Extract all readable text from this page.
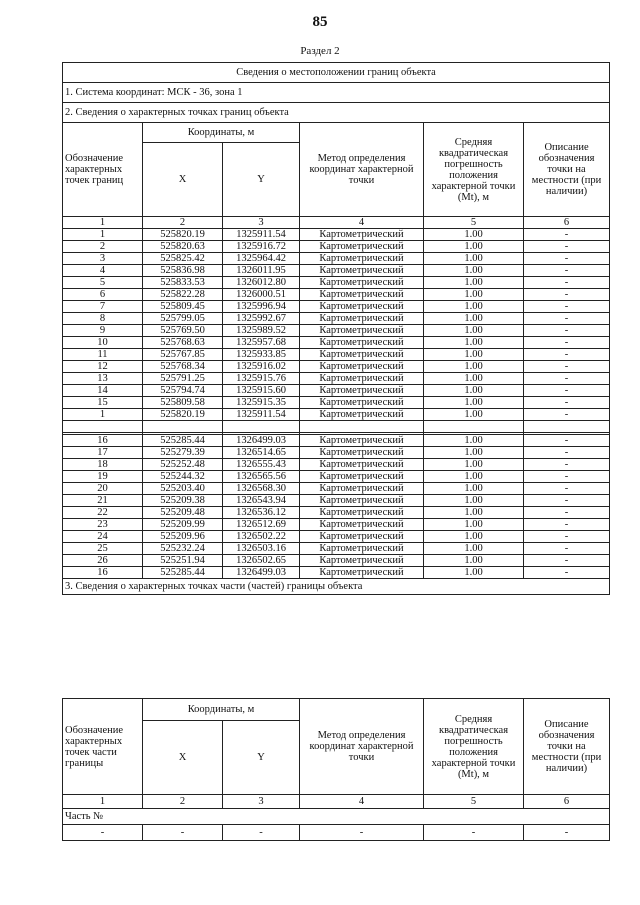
85
Раздел 2
Сведения о местоположении границ объекта					
1. Система координат: МСК - 36, зона 1					
2. Сведения о характерных точках границ объекта					
Обозначение характерных точек границ	Координаты, м		Метод определения координат характерной точки	Средняя квадратическая погрешность положения характерной точки (Mt), м	Описание обозначения точки на местности (при наличии)
	X	Y			
1	2	3	4	5	6
1	525820.19	1325911.54	Картометрический	1.00	-
2	525820.63	1325916.72	Картометрический	1.00	-
3	525825.42	1325964.42	Картометрический	1.00	-
4	525836.98	1326011.95	Картометрический	1.00	-
5	525833.53	1326012.80	Картометрический	1.00	-
6	525822.28	1326000.51	Картометрический	1.00	-
7	525809.45	1325996.94	Картометрический	1.00	-
8	525799.05	1325992.67	Картометрический	1.00	-
9	525769.50	1325989.52	Картометрический	1.00	-
10	525768.63	1325957.68	Картометрический	1.00	-
11	525767.85	1325933.85	Картометрический	1.00	-
12	525768.34	1325916.02	Картометрический	1.00	-
13	525791.25	1325915.76	Картометрический	1.00	-
14	525794.74	1325915.60	Картометрический	1.00	-
15	525809.58	1325915.35	Картометрический	1.00	-
1	525820.19	1325911.54	Картометрический	1.00	-

16	525285.44	1326499.03	Картометрический	1.00	-
17	525279.39	1326514.65	Картометрический	1.00	-
18	525252.48	1326555.43	Картометрический	1.00	-
19	525244.32	1326565.56	Картометрический	1.00	-
20	525203.40	1326568.30	Картометрический	1.00	-
21	525209.38	1326543.94	Картометрический	1.00	-
22	525209.48	1326536.12	Картометрический	1.00	-
23	525209.99	1326512.69	Картометрический	1.00	-
24	525209.96	1326502.22	Картометрический	1.00	-
25	525232.24	1326503.16	Картометрический	1.00	-
26	525251.94	1326502.65	Картометрический	1.00	-
16	525285.44	1326499.03	Картометрический	1.00	-
3. Сведения о характерных точках части (частей) границы объекта					
Обозначение характерных точек части границы	Координаты, м		Метод определения координат характерной точки	Средняя квадратическая погрешность положения характерной точки (Mt), м	Описание обозначения точки на местности (при наличии)
	X	Y			
1	2	3	4	5	6
Часть №					
-	-	-	-	-	-
